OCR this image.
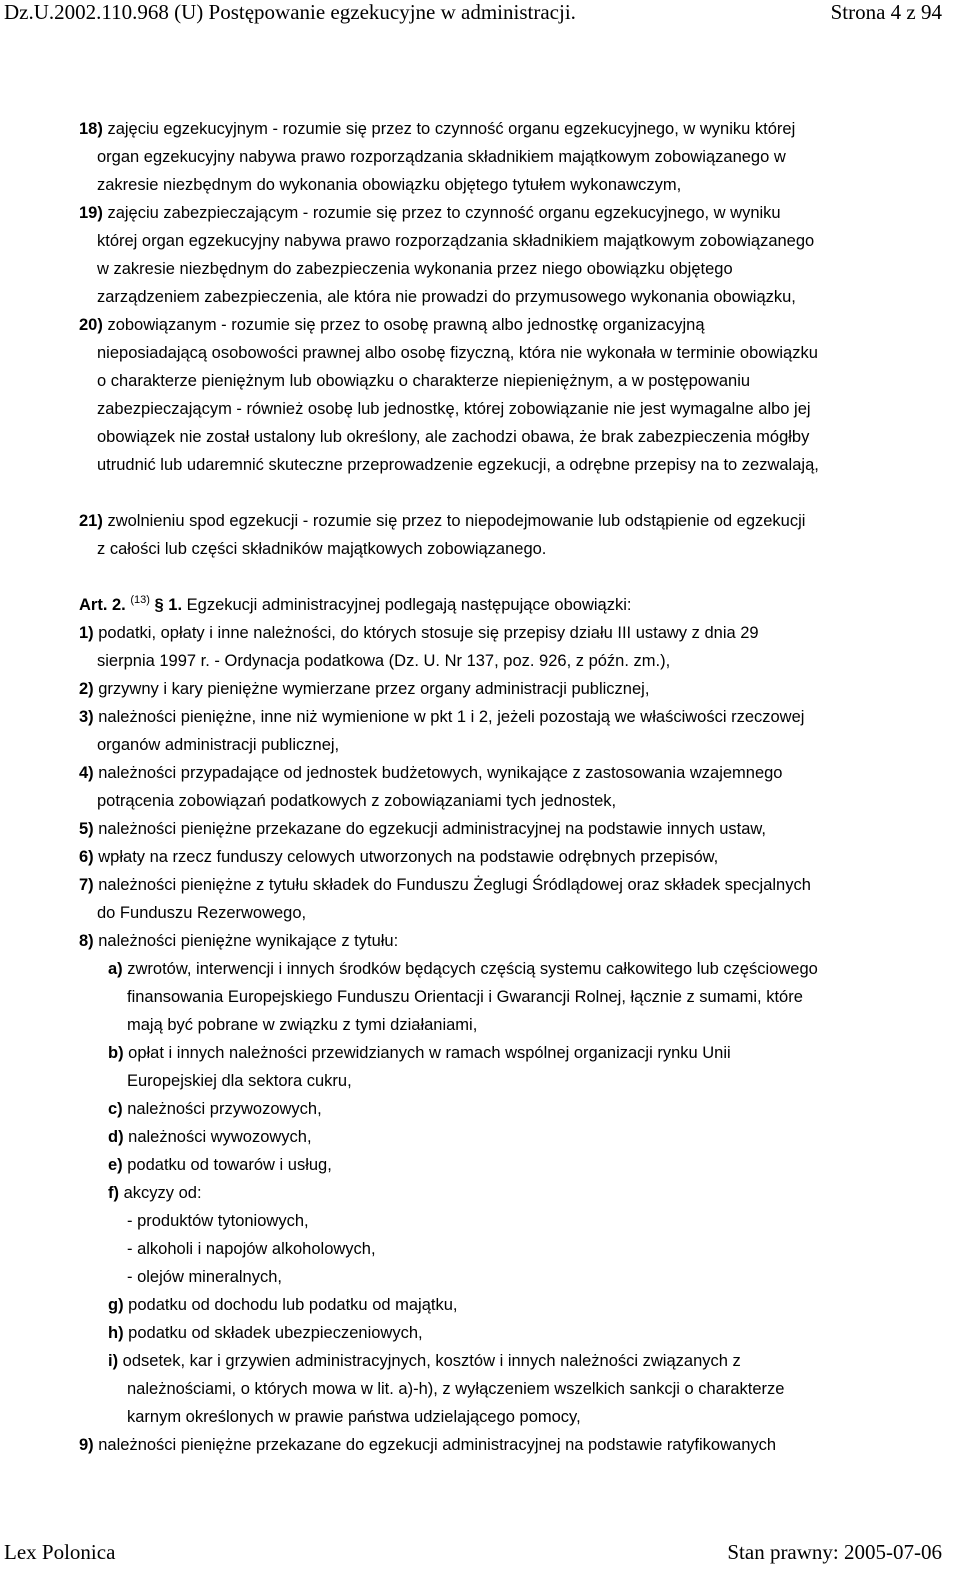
Dz.U.2002.110.968 (U) Postępowanie egzekucyjne w administracji.	Strona 4 z 94
18) zajęciu egzekucyjnym - rozumie się przez to czynność organu egzekucyjnego, w wyniku której
organ egzekucyjny nabywa prawo rozporządzania składnikiem majątkowym zobowiązanego w
zakresie niezbędnym do wykonania obowiązku objętego tytułem wykonawczym,
19) zajęciu zabezpieczającym - rozumie się przez to czynność organu egzekucyjnego, w wyniku
której organ egzekucyjny nabywa prawo rozporządzania składnikiem majątkowym zobowiązanego
w zakresie niezbędnym do zabezpieczenia wykonania przez niego obowiązku objętego
zarządzeniem zabezpieczenia, ale która nie prowadzi do przymusowego wykonania obowiązku,
20) zobowiązanym - rozumie się przez to osobę prawną albo jednostkę organizacyjną
nieposiadającą osobowości prawnej albo osobę fizyczną, która nie wykonała w terminie obowiązku
o charakterze pieniężnym lub obowiązku o charakterze niepieniężnym, a w postępowaniu
zabezpieczającym - również osobę lub jednostkę, której zobowiązanie nie jest wymagalne albo jej
obowiązek nie został ustalony lub określony, ale zachodzi obawa, że brak zabezpieczenia mógłby
utrudnić lub udaremnić skuteczne przeprowadzenie egzekucji, a odrębne przepisy na to zezwalają,
21) zwolnieniu spod egzekucji - rozumie się przez to niepodejmowanie lub odstąpienie od egzekucji
z całości lub części składników majątkowych zobowiązanego.
Art. 2. $^{(13)}$ § 1. Egzekucji administracyjnej podlegają następujące obowiązki:
1) podatki, opłaty i inne należności, do których stosuje się przepisy działu III ustawy z dnia 29
sierpnia 1997 r. - Ordynacja podatkowa (Dz. U. Nr 137, poz. 926, z późn. zm.),
2) grzywny i kary pieniężne wymierzane przez organy administracji publicznej,
3) należności pieniężne, inne niż wymienione w pkt 1 i 2, jeżeli pozostają we właściwości rzeczowej
organów administracji publicznej,
4) należności przypadające od jednostek budżetowych, wynikające z zastosowania wzajemnego
potrącenia zobowiązań podatkowych z zobowiązaniami tych jednostek,
5) należności pieniężne przekazane do egzekucji administracyjnej na podstawie innych ustaw,
6) wpłaty na rzecz funduszy celowych utworzonych na podstawie odrębnych przepisów,
7) należności pieniężne z tytułu składek do Funduszu Żeglugi Śródlądowej oraz składek specjalnych
do Funduszu Rezerwowego,
8) należności pieniężne wynikające z tytułu:
a) zwrotów, interwencji i innych środków będących częścią systemu całkowitego lub częściowego
finansowania Europejskiego Funduszu Orientacji i Gwarancji Rolnej, łącznie z sumami, które
mają być pobrane w związku z tymi działaniami,
b) opłat i innych należności przewidzianych w ramach wspólnej organizacji rynku Unii
Europejskiej dla sektora cukru,
c) należności przywozowych,
d) należności wywozowych,
e) podatku od towarów i usług,
f) akcyzy od:
- produktów tytoniowych,
- alkoholi i napojów alkoholowych,
- olejów mineralnych,
g) podatku od dochodu lub podatku od majątku,
h) podatku od składek ubezpieczeniowych,
i) odsetek, kar i grzywien administracyjnych, kosztów i innych należności związanych z
należnościami, o których mowa w lit. a)-h), z wyłączeniem wszelkich sankcji o charakterze
karnym określonych w prawie państwa udzielającego pomocy,
9) należności pieniężne przekazane do egzekucji administracyjnej na podstawie ratyfikowanych
Lex Polonica	Stan prawny: 2005-07-06
